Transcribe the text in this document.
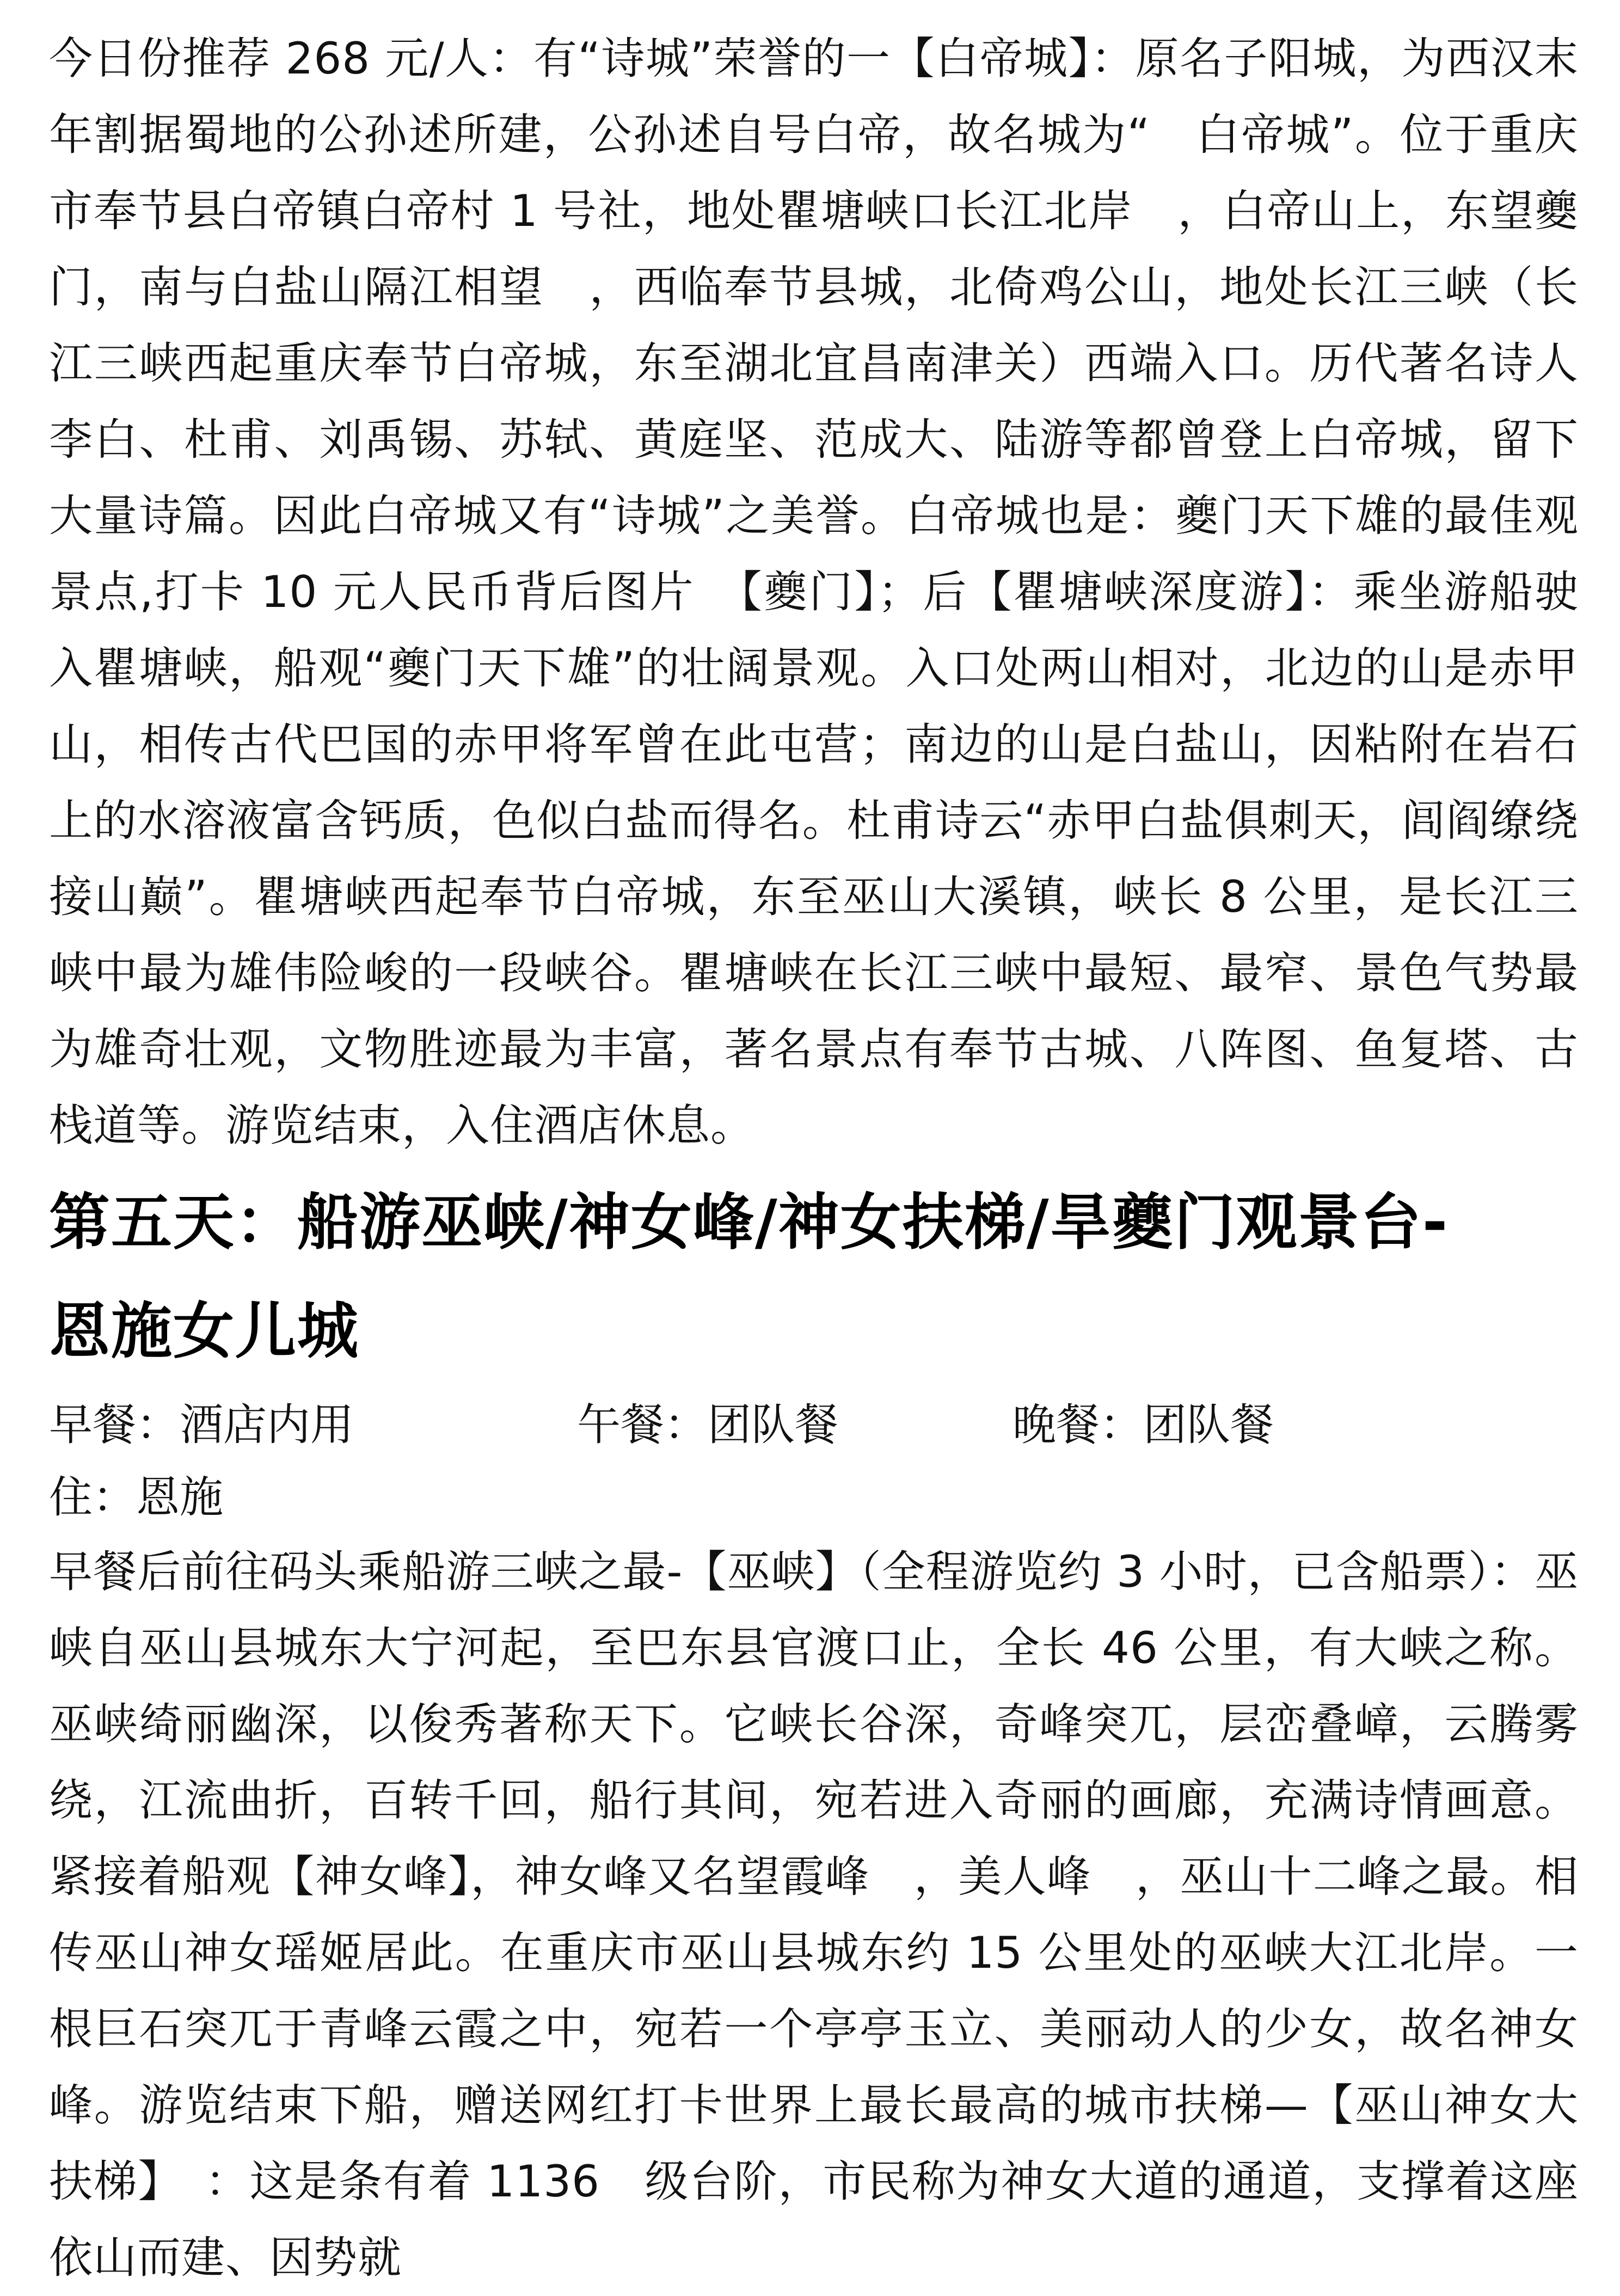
今日份推荐 268 元/人：有“诗城”荣誉的一【白帝城】：原名子阳城，为西汉末年割据蜀地的公孙述所建，公孙述自号白帝，故名城为“　白帝城”。位于重庆市奉节县白帝镇白帝村 1 号社，地处瞿塘峡口长江北岸　，白帝山上，东望夔门，南与白盐山隔江相望　，西临奉节县城，北倚鸡公山，地处长江三峡（长江三峡西起重庆奉节白帝城，东至湖北宜昌南津关）西端入口。历代著名诗人李白、杜甫、刘禹锡、苏轼、黄庭坚、范成大、陆游等都曾登上白帝城，留下大量诗篇。因此白帝城又有“诗城”之美誉。白帝城也是：夔门天下雄的最佳观景点,打卡 10 元人民币背后图片　【夔门】；后【瞿塘峡深度游】：乘坐游船驶入瞿塘峡，船观“夔门天下雄”的壮阔景观。入口处两山相对，北边的山是赤甲山，相传古代巴国的赤甲将军曾在此屯营；南边的山是白盐山，因粘附在岩石上的水溶液富含钙质，色似白盐而得名。杜甫诗云“赤甲白盐俱刺天，闾阎缭绕接山巅”。瞿塘峡西起奉节白帝城，东至巫山大溪镇，峡长 8 公里，是长江三峡中最为雄伟险峻的一段峡谷。瞿塘峡在长江三峡中最短、最窄、景色气势最为雄奇壮观，文物胜迹最为丰富，著名景点有奉节古城、八阵图、鱼复塔、古栈道等。游览结束，入住酒店休息。

第五天：船游巫峡/神女峰/神女扶梯/旱夔门观景台-
恩施女儿城
早餐：酒店内用	午餐：团队餐	晚餐：团队餐
住：恩施

早餐后前往码头乘船游三峡之最-【巫峡】（全程游览约 3 小时，已含船票）：巫峡自巫山县城东大宁河起，至巴东县官渡口止，全长 46 公里，有大峡之称。巫峡绮丽幽深，以俊秀著称天下。它峡长谷深，奇峰突兀，层峦叠嶂，云腾雾绕，江流曲折，百转千回，船行其间，宛若进入奇丽的画廊，充满诗情画意。紧接着船观【神女峰】，神女峰又名望霞峰　，美人峰　，巫山十二峰之最。相传巫山神女瑶姬居此。在重庆市巫山县城东约 15 公里处的巫峡大江北岸。一根巨石突兀于青峰云霞之中，宛若一个亭亭玉立、美丽动人的少女，故名神女峰。游览结束下船，赠送网红打卡世界上最长最高的城市扶梯—【巫山神女大扶梯】　：这是条有着 1136　级台阶，市民称为神女大道的通道，支撑着这座依山而建、因势就
